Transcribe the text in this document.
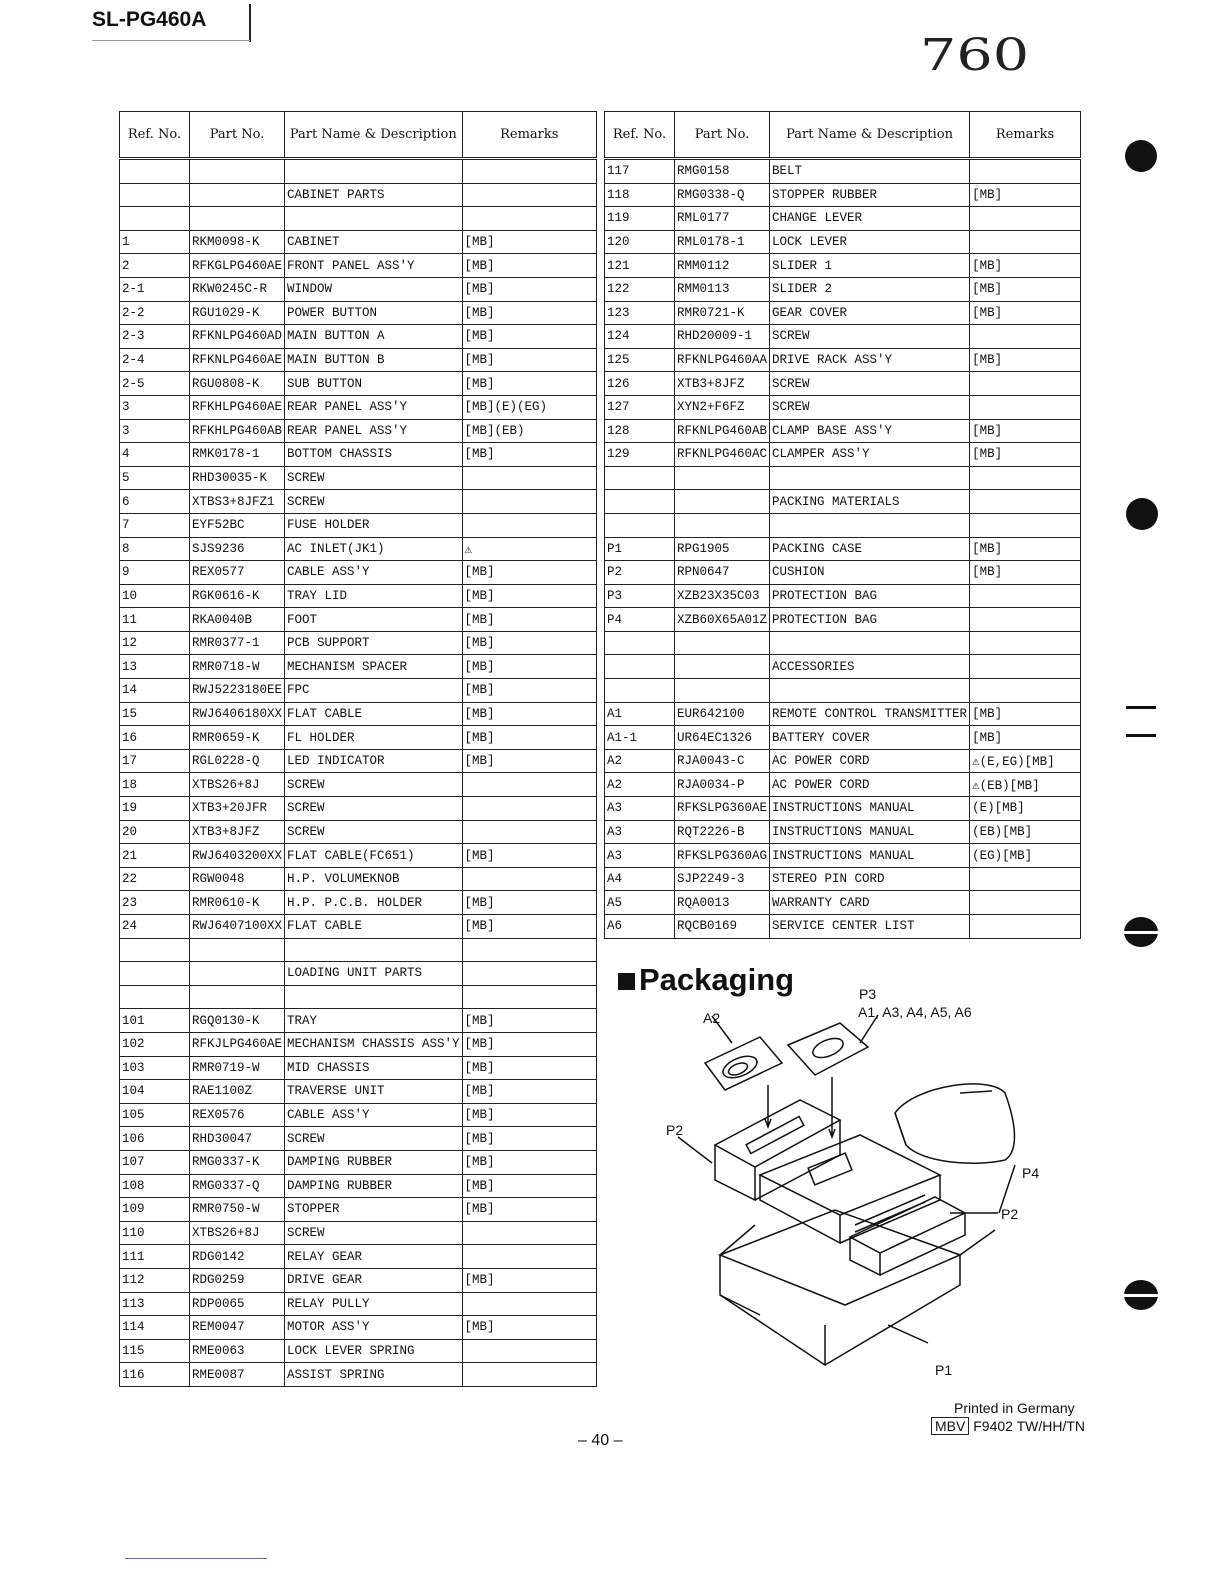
SL-PG460A
760
Ref. No.	Part No.	Part Name & Description	Remarks

		CABINET PARTS	

1	RKM0098-K	CABINET	[MB]
2	RFKGLPG460AE	FRONT PANEL ASS'Y	[MB]
2-1	RKW0245C-R	WINDOW	[MB]
2-2	RGU1029-K	POWER BUTTON	[MB]
2-3	RFKNLPG460AD	MAIN BUTTON A	[MB]
2-4	RFKNLPG460AE	MAIN BUTTON B	[MB]
2-5	RGU0808-K	SUB BUTTON	[MB]
3	RFKHLPG460AE	REAR PANEL ASS'Y	[MB](E)(EG)
3	RFKHLPG460AB	REAR PANEL ASS'Y	[MB](EB)
4	RMK0178-1	BOTTOM CHASSIS	[MB]
5	RHD30035-K	SCREW	
6	XTBS3+8JFZ1	SCREW	
7	EYF52BC	FUSE HOLDER	
8	SJS9236	AC INLET(JK1)	⚠
9	REX0577	CABLE ASS'Y	[MB]
10	RGK0616-K	TRAY LID	[MB]
11	RKA0040B	FOOT	[MB]
12	RMR0377-1	PCB SUPPORT	[MB]
13	RMR0718-W	MECHANISM SPACER	[MB]
14	RWJ5223180EE	FPC	[MB]
15	RWJ6406180XX	FLAT CABLE	[MB]
16	RMR0659-K	FL HOLDER	[MB]
17	RGL0228-Q	LED INDICATOR	[MB]
18	XTBS26+8J	SCREW	
19	XTB3+20JFR	SCREW	
20	XTB3+8JFZ	SCREW	
21	RWJ6403200XX	FLAT CABLE(FC651)	[MB]
22	RGW0048	H.P. VOLUMEKNOB	
23	RMR0610-K	H.P. P.C.B. HOLDER	[MB]
24	RWJ6407100XX	FLAT CABLE	[MB]

		LOADING UNIT PARTS	

101	RGQ0130-K	TRAY	[MB]
102	RFKJLPG460AE	MECHANISM CHASSIS ASS'Y	[MB]
103	RMR0719-W	MID CHASSIS	[MB]
104	RAE1100Z	TRAVERSE UNIT	[MB]
105	REX0576	CABLE ASS'Y	[MB]
106	RHD30047	SCREW	[MB]
107	RMG0337-K	DAMPING RUBBER	[MB]
108	RMG0337-Q	DAMPING RUBBER	[MB]
109	RMR0750-W	STOPPER	[MB]
110	XTBS26+8J	SCREW	
111	RDG0142	RELAY GEAR	
112	RDG0259	DRIVE GEAR	[MB]
113	RDP0065	RELAY PULLY	
114	REM0047	MOTOR ASS'Y	[MB]
115	RME0063	LOCK LEVER SPRING	
116	RME0087	ASSIST SPRING	
Ref. No.	Part No.	Part Name & Description	Remarks
117	RMG0158	BELT	
118	RMG0338-Q	STOPPER RUBBER	[MB]
119	RML0177	CHANGE LEVER	
120	RML0178-1	LOCK LEVER	
121	RMM0112	SLIDER 1	[MB]
122	RMM0113	SLIDER 2	[MB]
123	RMR0721-K	GEAR COVER	[MB]
124	RHD20009-1	SCREW	
125	RFKNLPG460AA	DRIVE RACK ASS'Y	[MB]
126	XTB3+8JFZ	SCREW	
127	XYN2+F6FZ	SCREW	
128	RFKNLPG460AB	CLAMP BASE ASS'Y	[MB]
129	RFKNLPG460AC	CLAMPER ASS'Y	[MB]

		PACKING MATERIALS	

P1	RPG1905	PACKING CASE	[MB]
P2	RPN0647	CUSHION	[MB]
P3	XZB23X35C03	PROTECTION BAG	
P4	XZB60X65A01Z	PROTECTION BAG	

		ACCESSORIES	

A1	EUR642100	REMOTE CONTROL TRANSMITTER	[MB]
A1-1	UR64EC1326	BATTERY COVER	[MB]
A2	RJA0043-C	AC POWER CORD	⚠(E,EG)[MB]
A2	RJA0034-P	AC POWER CORD	⚠(EB)[MB]
A3	RFKSLPG360AE	INSTRUCTIONS MANUAL	(E)[MB]
A3	RQT2226-B	INSTRUCTIONS MANUAL	(EB)[MB]
A3	RFKSLPG360AG	INSTRUCTIONS MANUAL	(EG)[MB]
A4	SJP2249-3	STEREO PIN CORD	
A5	RQA0013	WARRANTY CARD	
A6	RQCB0169	SERVICE CENTER LIST	
Packaging
A2
P3
A1, A3, A4, A5, A6
P2
P4
P2
P1
Printed in Germany
MBV F9402 TW/HH/TN
– 40 –
